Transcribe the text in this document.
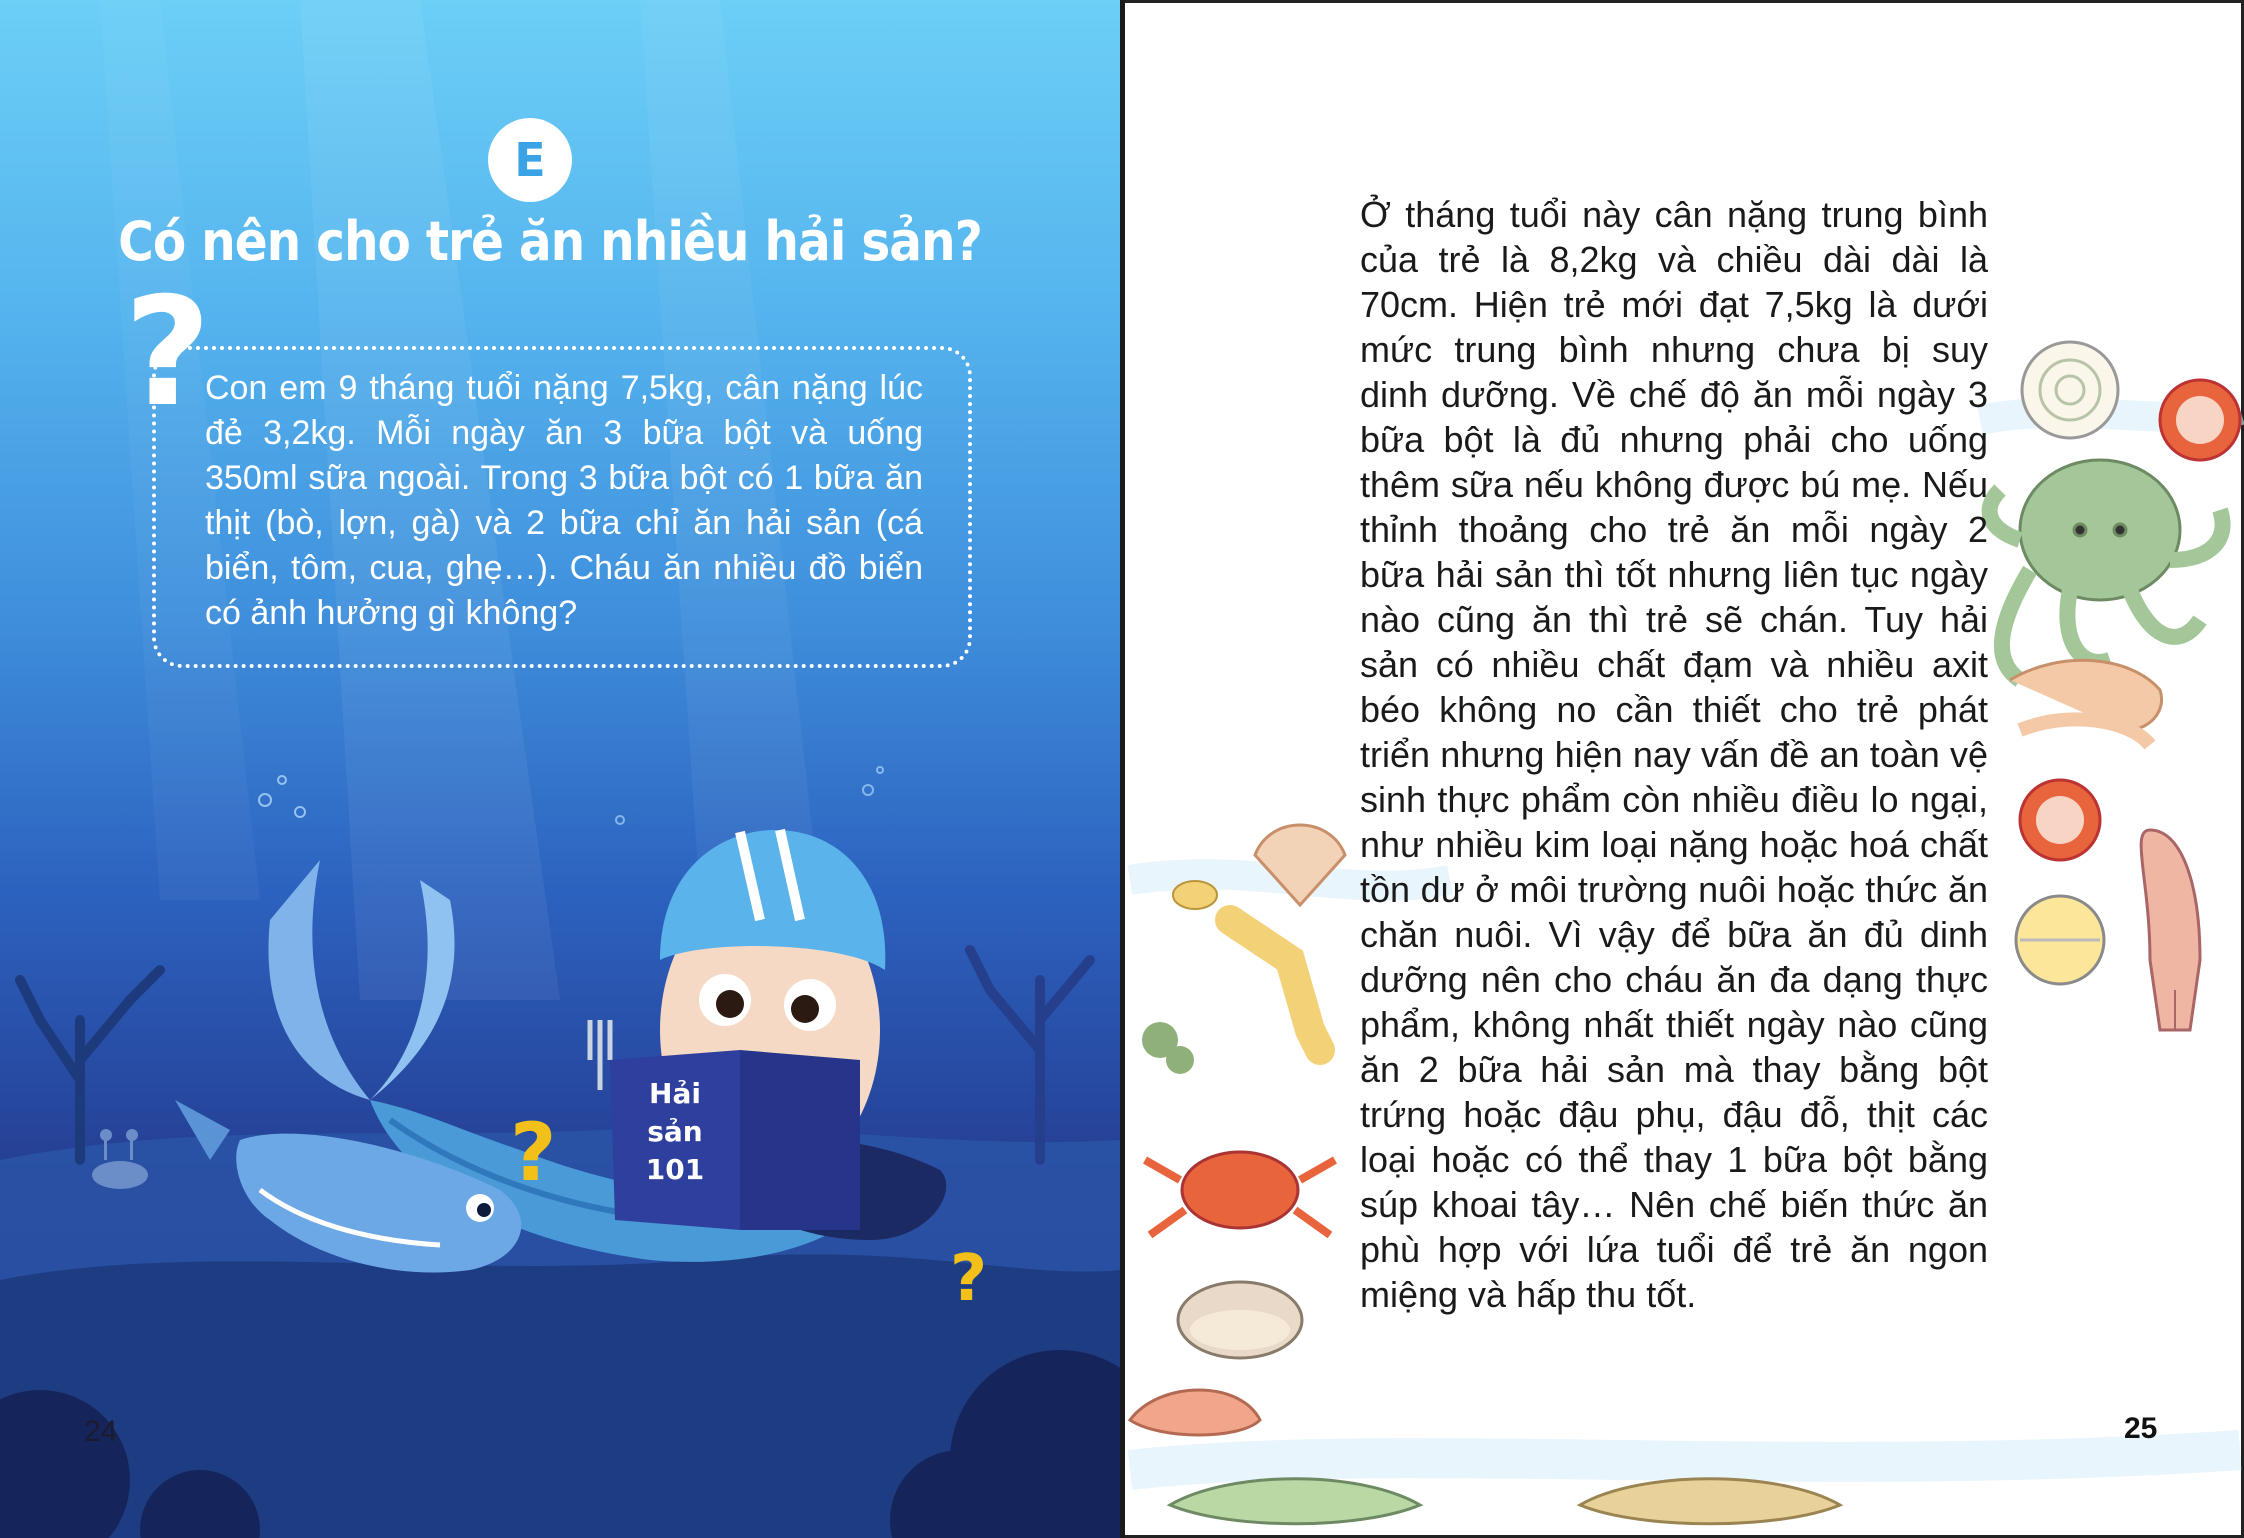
E
Có nên cho trẻ ăn nhiều hải sản?
?

Con em 9 tháng tuổi nặng 7,5kg, cân nặng lúc đẻ 3,2kg. Mỗi ngày ăn 3 bữa bột và uống 350ml sữa ngoài. Trong 3 bữa bột có 1 bữa ăn thịt (bò, lợn, gà) và 2 bữa chỉ ăn hải sản (cá biển, tôm, cua, ghẹ…). Cháu ăn nhiều đồ biển có ảnh hưởng gì không?

?
?
Hải
sản
101
24

Ở tháng tuổi này cân nặng trung bình của trẻ là 8,2kg và chiều dài dài là 70cm. Hiện trẻ mới đạt 7,5kg là dưới mức trung bình nhưng chưa bị suy dinh dưỡng. Về chế độ ăn mỗi ngày 3 bữa bột là đủ nhưng phải cho uống thêm sữa nếu không được bú mẹ. Nếu thỉnh thoảng cho trẻ ăn mỗi ngày 2 bữa hải sản thì tốt nhưng liên tục ngày nào cũng ăn thì trẻ sẽ chán. Tuy hải sản có nhiều chất đạm và nhiều axit béo không no cần thiết cho trẻ phát triển nhưng hiện nay vấn đề an toàn vệ sinh thực phẩm còn nhiều điều lo ngại, như nhiều kim loại nặng hoặc hoá chất tồn dư ở môi trường nuôi hoặc thức ăn chăn nuôi. Vì vậy để bữa ăn đủ dinh dưỡng nên cho cháu ăn đa dạng thực phẩm, không nhất thiết ngày nào cũng ăn 2 bữa hải sản mà thay bằng bột trứng hoặc đậu phụ, đậu đỗ, thịt các loại hoặc có thể thay 1 bữa bột bằng súp khoai tây… Nên chế biến thức ăn phù hợp với lứa tuổi để trẻ ăn ngon miệng và hấp thu tốt.

25
